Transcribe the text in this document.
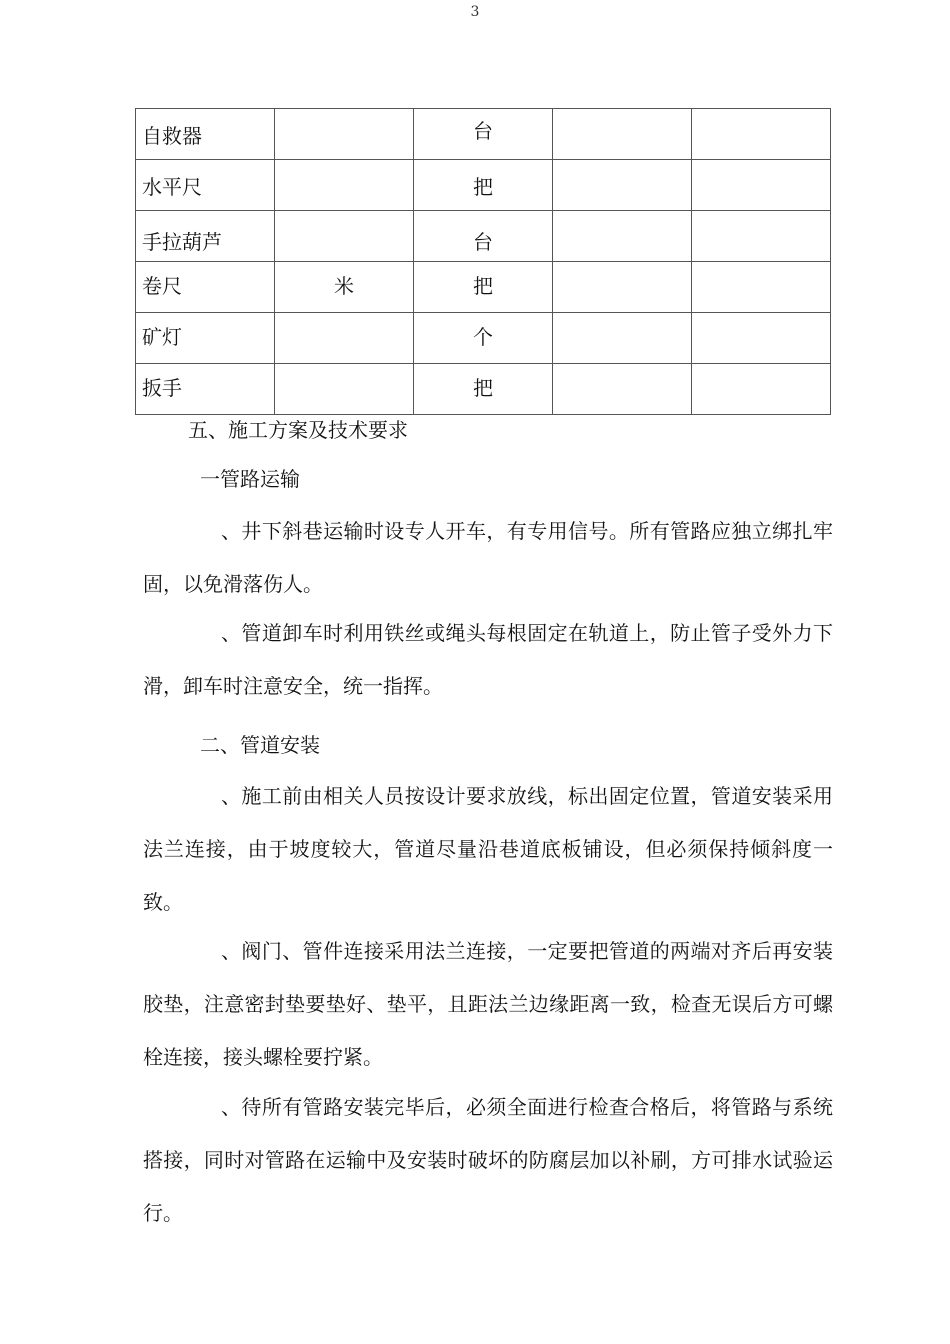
3
自救器		台		
水平尺		把		
手拉葫芦		台		
卷尺	米	把		
矿灯		个		
扳手		把		
五、施工方案及技术要求
一管路运输
、井下斜巷运输时设专人开车，有专用信号。所有管路应独立绑扎牢固，以免滑落伤人。
、管道卸车时利用铁丝或绳头每根固定在轨道上，防止管子受外力下滑，卸车时注意安全，统一指挥。
二、管道安装
、施工前由相关人员按设计要求放线，标出固定位置，管道安装采用法兰连接，由于坡度较大，管道尽量沿巷道底板铺设，但必须保持倾斜度一致。
、阀门、管件连接采用法兰连接，一定要把管道的两端对齐后再安装胶垫，注意密封垫要垫好、垫平，且距法兰边缘距离一致，检查无误后方可螺栓连接，接头螺栓要拧紧。
、待所有管路安装完毕后，必须全面进行检查合格后，将管路与系统搭接，同时对管路在运输中及安装时破坏的防腐层加以补刷，方可排水试验运行。
